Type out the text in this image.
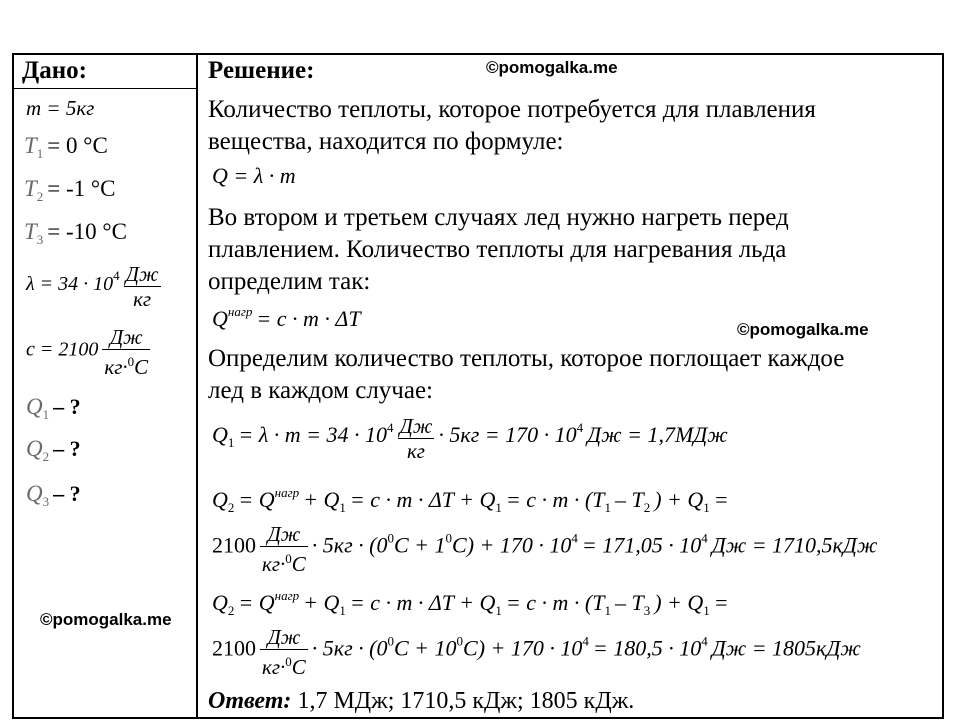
©pomogalka.me
©pomogalka.me
©pomogalka.me
Дано:
m = 5кг
$T_1 = 0$ °C
$T_2 = -1$ °C
$T_3 = -10$ °C
$\lambda = 34 \cdot 10^4 \frac{Дж}{кг}$
$c = 2100 \frac{Дж}{кг\cdot^0C}$
$Q_1$ – ?
$Q_2$ – ?
$Q_3$ – ?
Решение:
Количество теплоты, которое потребуется для плавления
вещества, находится по формуле:
Q = λ · m
Во втором и третьем случаях лед нужно нагреть перед
плавлением. Количество теплоты для нагревания льда
определим так:
$Q^{нагр} = c \cdot m \cdot \Delta T$
Определим количество теплоты, которое поглощает каждое
лед в каждом случае:
$Q_1 = \lambda \cdot m = 34 \cdot 10^4 \frac{Дж}{кг} \cdot 5кг = 170 \cdot 10^4$ Дж = 1,7МДж
$Q_2 = Q^{нагр} + Q_1 = c \cdot m \cdot \Delta T + Q_1 = c \cdot m \cdot (T_1 - T_2$ ) + $Q_1$ =
$2100 \frac{Дж}{кг\cdot^0C} \cdot 5кг \cdot (0^0C + 1^0C) + 170 \cdot 10^4 = 171,05 \cdot 10^4$ Дж = 1710,5кДж
$Q_2 = Q^{нагр} + Q_1 = c \cdot m \cdot \Delta T + Q_1 = c \cdot m \cdot (T_1 - T_3$ ) + $Q_1$ =
$2100 \frac{Дж}{кг\cdot^0C} \cdot 5кг \cdot (0^0C + 10^0C) + 170 \cdot 10^4 = 180,5 \cdot 10^4$ Дж = 1805кДж
Ответ: 1,7 МДж; 1710,5 кДж; 1805 кДж.
